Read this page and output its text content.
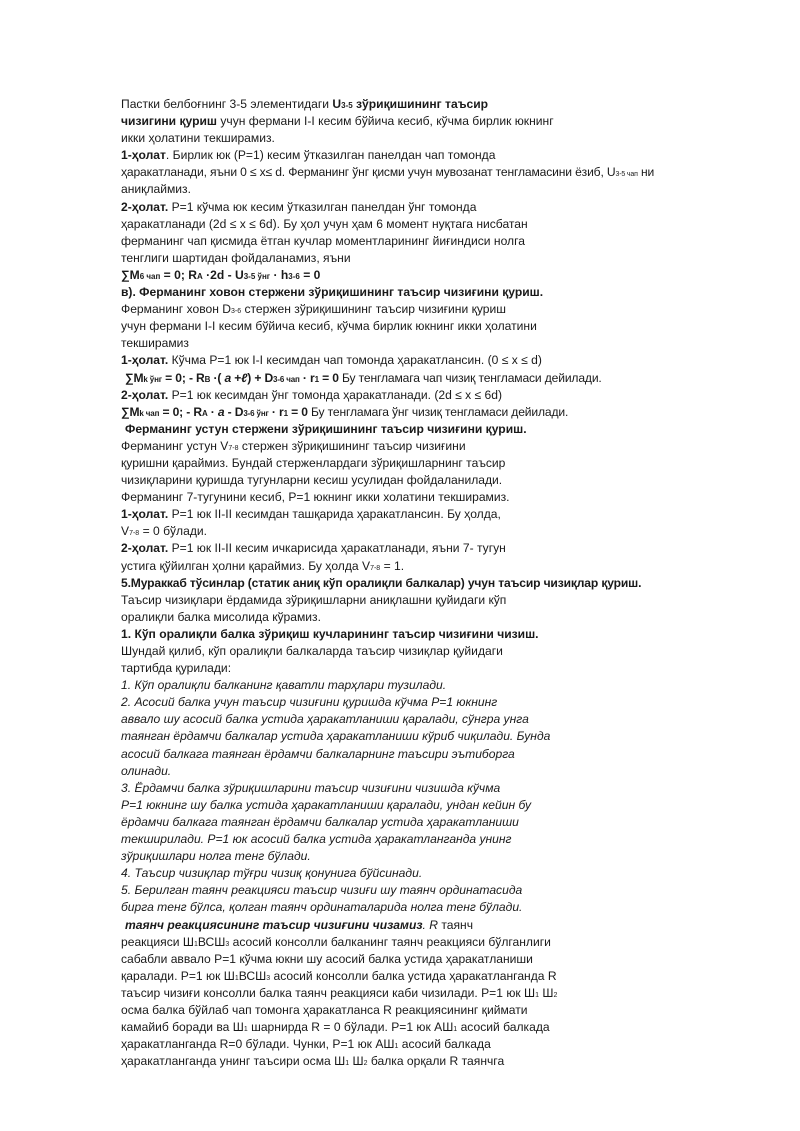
Пастки белбоғнинг 3-5 элементидаги U3-5 зўриқишининг таъсир
чизигини қуриш учун фермани I-I кесим бўйича кесиб, кўчма бирлик юкнинг
икки ҳолатини текширамиз.
1-ҳолат. Бирлик юк (P=1) кесим ўтказилган панелдан чап томонда
ҳаракатланади, яъни 0 ≤ x≤ d. Ферманинг ўнг қисми учун мувозанат тенгламасини ёзиб, U3-5 чап ни
аниқлаймиз.
2-ҳолат. P=1 кўчма юк кесим ўтказилган панелдан ўнг томонда
ҳаракатланади (2d ≤ x ≤ 6d). Бу ҳол учун ҳам 6 момент нуқтага нисбатан
ферманинг чап қисмида ётган кучлар моментларининг йиғиндиси нолга
тенглиги шартидан фойдаланамиз, яъни
∑M6 чап = 0; RA ·2d - U3-5 ўнг · h3-6 = 0
в). Ферманинг ховон стержени зўриқишининг таъсир чизиғини қуриш.
Ферманинг ховон D3-6 стержен зўриқишининг таъсир чизиғини қуриш
учун фермани I-I кесим бўйича кесиб, кўчма бирлик юкнинг икки ҳолатини
текширамиз
1-ҳолат. Кўчма P=1 юк I-I кесимдан чап томонда ҳаракатлансин. (0 ≤ x ≤ d)
∑Mk ўнг = 0; - RB ·( a +ℓ) + D3-6 чап · r1 = 0 Бу тенгламага чап чизиқ тенгламаси дейилади.
2-ҳолат. P=1 юк кесимдан ўнг томонда ҳаракатланади. (2d ≤ x ≤ 6d)
∑Mk чап = 0; - RA · a - D3-6 ўнг · r1 = 0 Бу тенгламага ўнг чизиқ тенгламаси дейилади.
Ферманинг устун стержени зўриқишининг таъсир чизиғини қуриш.
Ферманинг устун V7-8 стержен зўриқишининг таъсир чизиғини
қуришни қараймиз. Бундай стерженлардаги зўриқишларнинг таъсир
чизиқларини қуришда тугунларни кесиш усулидан фойдаланилади.
Ферманинг 7-тугунини кесиб, P=1 юкнинг икки холатини текширамиз.
1-ҳолат. P=1 юк II-II кесимдан ташқарида ҳаракатлансин. Бу ҳолда,
V7-8 = 0 бўлади.
2-ҳолат. P=1 юк II-II кесим ичкарисида ҳаракатланади, яъни 7- тугун
устига қўйилган ҳолни қараймиз. Бу ҳолда V7-8 = 1.
5.Мураккаб тўсинлар (статик аниқ кўп оралиқли балкалар) учун таъсир чизиқлар қуриш.
Таъсир чизиқлари ёрдамида зўриқишларни аниқлашни қуйидаги кўп
оралиқли балка мисолида кўрамиз.
1. Кўп оралиқли балка зўриқиш кучларининг таъсир чизиғини чизиш.
Шундай қилиб, кўп оралиқли балкаларда таъсир чизиқлар қуйидаги
тартибда қурилади:
1. Кўп оралиқли балканинг қаватли тарҳлари тузилади.
2. Асосий балка учун таъсир чизиғини қуришда кўчма P=1 юкнинг
аввало шу асосий балка устида ҳаракатланиши қаралади, сўнгра унга
таянган ёрдамчи балкалар устида ҳаракатланиши кўриб чиқилади. Бунда
асосий балкага таянган ёрдамчи балкаларнинг таъсири эътиборга
олинади.
3. Ёрдамчи балка зўриқишларини таъсир чизиғини чизишда кўчма
P=1 юкнинг шу балка устида ҳаракатланиши қаралади, ундан кейин бу
ёрдамчи балкага таянган ёрдамчи балкалар устида ҳаракатланиши
текширилади. P=1 юк асосий балка устида ҳаракатланганда унинг
зўриқишлари нолга тенг бўлади.
4. Таъсир чизиқлар тўғри чизиқ қонунига бўйсинади.
5. Берилган таянч реакцияси таъсир чизиғи шу таянч ординатасида
бирга тенг бўлса, қолган таянч ординаталарида нолга тенг бўлади.
таянч реакциясининг таъсир чизиғини чизамиз. R таянч
реакцияси Ш1ВСШ3 асосий консолли балканинг таянч реакцияси бўлганлиги
сабабли аввало P=1 кўчма юкни шу асосий балка устида ҳаракатланиши
қаралади. P=1 юк Ш1ВСШ3 асосий консолли балка устида ҳаракатланганда R
таъсир чизиғи консолли балка таянч реакцияси каби чизилади. P=1 юк Ш1 Ш2
осма балка бўйлаб чап томонга ҳаракатланса R реакциясининг қиймати
камайиб боради ва Ш1 шарнирда R = 0 бўлади. P=1 юк АШ1 асосий балкада
ҳаракатланганда R=0 бўлади. Чунки, P=1 юк АШ1 асосий балкада
ҳаракатланганда унинг таъсири осма Ш1 Ш2 балка орқали R таянчга
